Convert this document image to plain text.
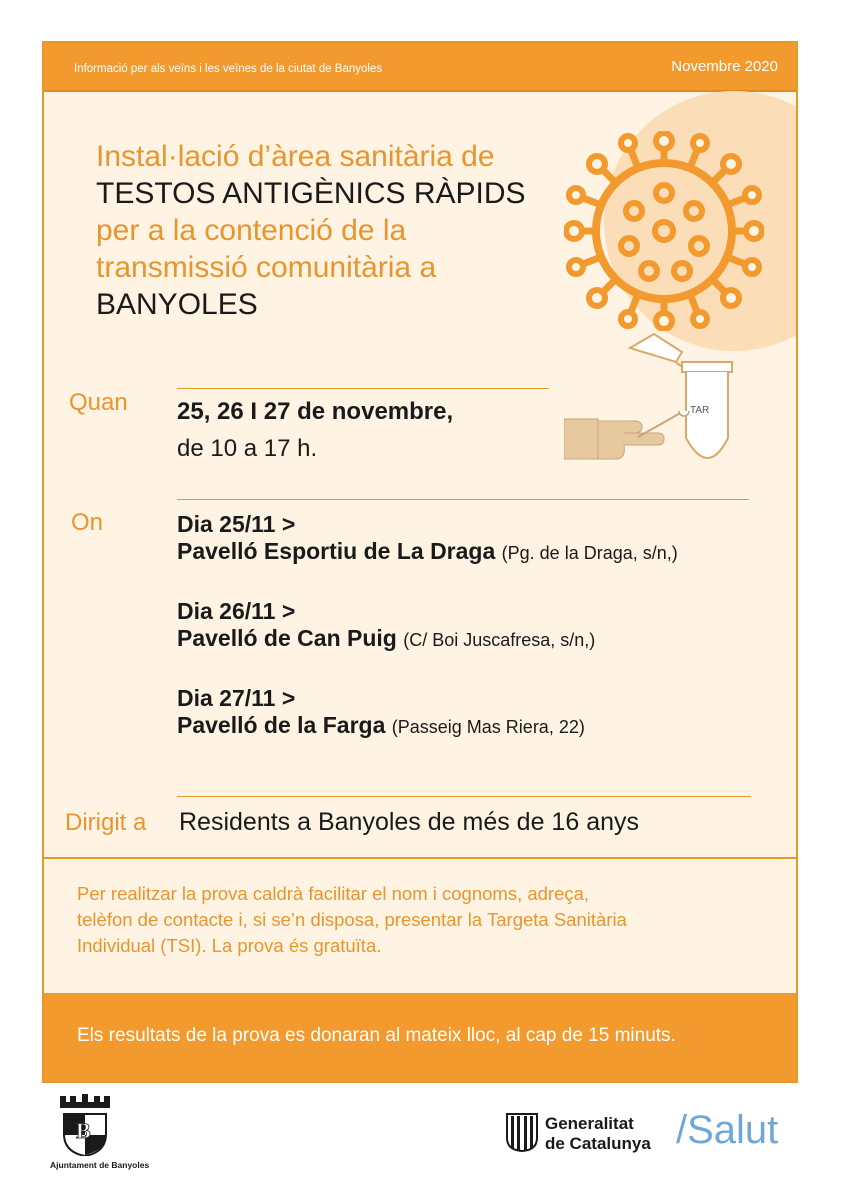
Informació per als veïns i les veïnes de la ciutat de Banyoles	Novembre 2020
Instal·lació d’àrea sanitària de
TESTOS ANTIGÈNICS RÀPIDS
per a la contenció de la
transmissió comunitària a
BANYOLES
TAR
Quan 25, 26 I 27 de novembre,
de 10 a 17 h.
On	Dia 25/11 >
Pavelló Esportiu de La Draga (Pg. de la Draga, s/n,)
Dia 26/11 >
Pavelló de Can Puig (C/ Boi Juscafresa, s/n,)
Dia 27/11 >
Pavelló de la Farga (Passeig Mas Riera, 22)
Dirigit a Residents a Banyoles de més de 16 anys
Per realitzar la prova caldrà facilitar el nom i cognoms, adreça,
telèfon de contacte i, si se’n disposa, presentar la Targeta Sanitària
Individual (TSI). La prova és gratuïta.
Els resultats de la prova es donaran al mateix lloc, al cap de 15 minuts.
B
Ajuntament de Banyoles
Generalitat
de Catalunya /Salut
